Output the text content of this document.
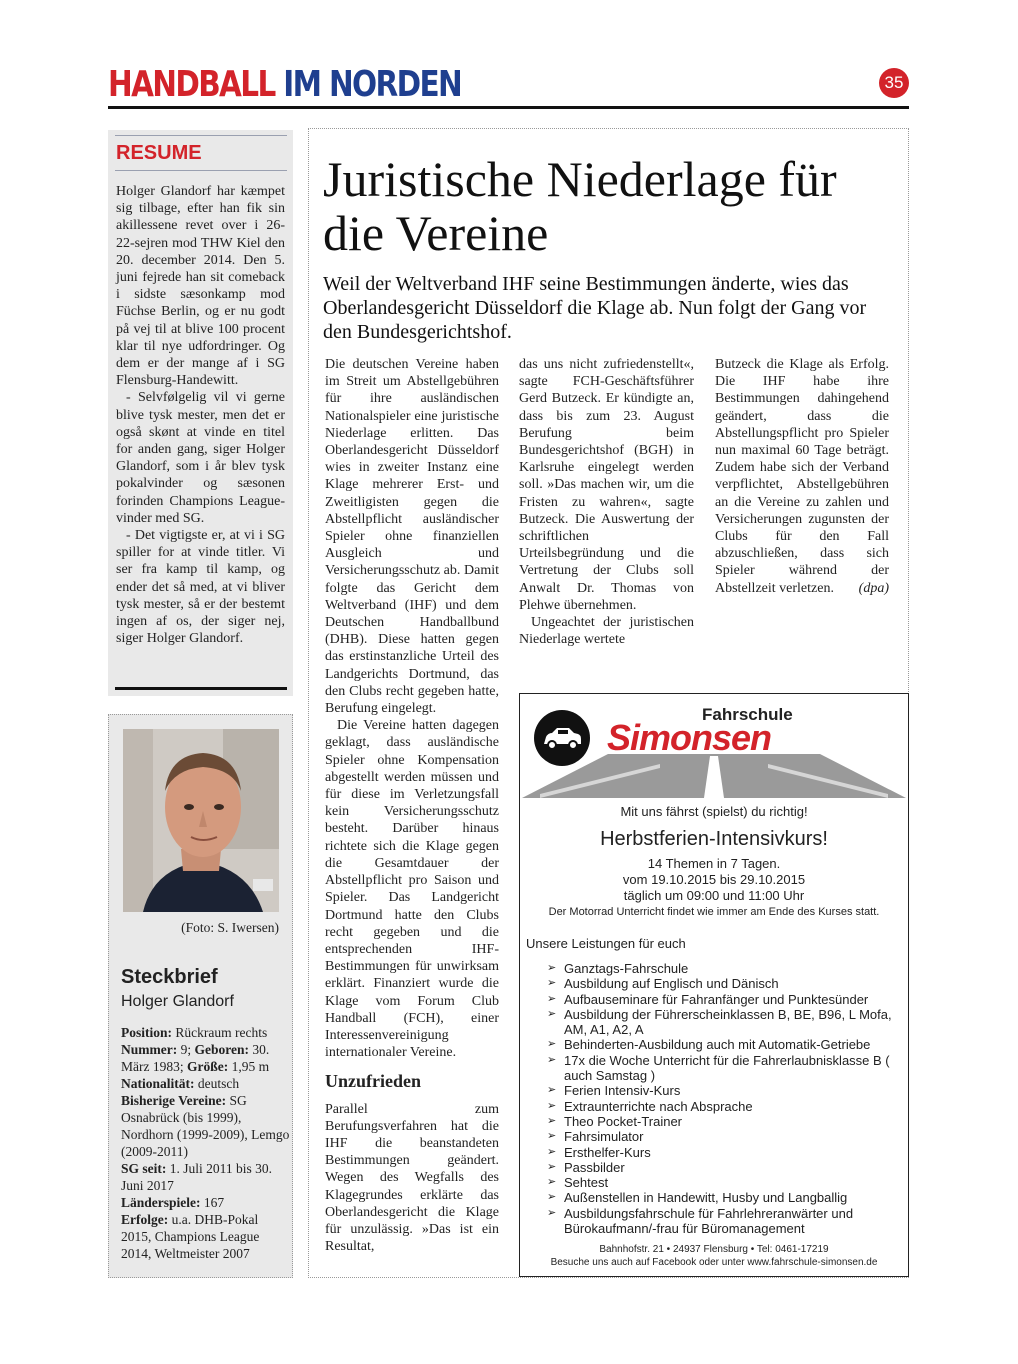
HANDBALL IM NORDEN	35
RESUME

Holger Glandorf har kæmpet sig tilbage, efter han fik sin akillessene revet over i 26-22-sejren mod THW Kiel den 20. december 2014. Den 5. juni fejrede han sit comeback i sidste sæsonkamp mod Füchse Berlin, og er nu godt på vej til at blive 100 procent klar til nye udfordringer. Og dem er der mange af i SG Flensburg-Handewitt.

- Selvfølgelig vil vi gerne blive tysk mester, men det er også skønt at vinde en titel for anden gang, siger Holger Glandorf, som i år blev tysk pokalvinder og sæsonen forinden Champions League-vinder med SG.

- Det vigtigste er, at vi i SG spiller for at vinde titler. Vi ser fra kamp til kamp, og ender det så med, at vi bliver tysk mester, så er der bestemt ingen af os, der siger nej, siger Holger Glandorf.

(Foto: S. Iwersen)
Steckbrief
Holger Glandorf
Position: Rückraum rechts
Nummer: 9; Geboren: 30. März 1983; Größe: 1,95 m
Nationalität: deutsch
Bisherige Vereine: SG Osnabrück (bis 1999), Nordhorn (1999-2009), Lemgo (2009-2011)
SG seit: 1. Juli 2011 bis 30. Juni 2017
Länderspiele: 167
Erfolge: u.a. DHB-Pokal 2015, Champions League 2014, Weltmeister 2007
Juristische Niederlage für die Vereine
Weil der Weltverband IHF seine Bestimmungen änderte, wies das Oberlandesgericht Düsseldorf die Klage ab. Nun folgt der Gang vor den Bundesgerichtshof.

Die deutschen Vereine haben im Streit um Abstellgebühren für ihre ausländischen Nationalspieler eine juristische Niederlage erlitten. Das Oberlandesgericht Düsseldorf wies in zweiter Instanz eine Klage mehrerer Erst- und Zweitligisten gegen die Abstellpflicht ausländischer Spieler ohne finanziellen Ausgleich und Versicherungsschutz ab. Damit folgte das Gericht dem Weltverband (IHF) und dem Deutschen Handballbund (DHB). Diese hatten gegen das erstinstanzliche Urteil des Landgerichts Dortmund, das den Clubs recht gegeben hatte, Berufung eingelegt.

Die Vereine hatten dagegen geklagt, dass ausländische Spieler ohne Kompensation abgestellt werden müssen und für diese im Verletzungsfall kein Versicherungsschutz besteht. Darüber hinaus richtete sich die Klage gegen die Gesamtdauer der Abstellpflicht pro Saison und Spieler. Das Landgericht Dortmund hatte den Clubs recht gegeben und die entsprechenden IHF-Bestimmungen für unwirksam erklärt. Finanziert wurde die Klage vom Forum Club Handball (FCH), einer Interessenvereinigung internationaler Vereine.

Unzufrieden

Parallel zum Berufungsverfahren hat die IHF die beanstandeten Bestimmungen geändert. Wegen des Wegfalls des Klagegrundes erklärte das Oberlandesgericht die Klage für unzulässig. »Das ist ein Resultat,

das uns nicht zufriedenstellt«, sagte FCH-Geschäftsführer Gerd Butzeck. Er kündigte an, dass bis zum 23. August Berufung beim Bundesgerichtshof (BGH) in Karlsruhe eingelegt werden soll. »Das machen wir, um die Fristen zu wahren«, sagte Butzeck. Die Auswertung der schriftlichen Urteilsbegründung und die Vertretung der Clubs soll Anwalt Dr. Thomas von Plehwe übernehmen.

Ungeachtet der juristischen Niederlage wertete

Butzeck die Klage als Erfolg. Die IHF habe ihre Bestimmungen dahingehend geändert, dass die Abstellungspflicht pro Spieler nun maximal 60 Tage beträgt. Zudem habe sich der Verband verpflichtet, Abstellgebühren an die Vereine zu zahlen und Versicherungen zugunsten der Clubs für den Fall abzuschließen, dass sich Spieler während der Abstellzeit verletzen. (dpa)

Fahrschule
Simonsen
Mit uns fährst (spielst) du richtig!
Herbstferien-Intensivkurs!
14 Themen in 7 Tagen.
vom 19.10.2015 bis 29.10.2015
täglich um 09:00 und 11:00 Uhr
Der Motorrad Unterricht findet wie immer am Ende des Kurses statt.
Unsere Leistungen für euch
➢ Ganztags-Fahrschule
➢ Ausbildung auf Englisch und Dänisch
➢ Aufbauseminare für Fahranfänger und Punktesünder
➢ Ausbildung der Führerscheinklassen B, BE, B96, L Mofa, AM, A1, A2, A
➢ Behinderten-Ausbildung auch mit Automatik-Getriebe
➢ 17x die Woche Unterricht für die Fahrerlaubnisklasse B ( auch Samstag )
➢ Ferien Intensiv-Kurs
➢ Extraunterrichte nach Absprache
➢ Theo Pocket-Trainer
➢ Fahrsimulator
➢ Ersthelfer-Kurs
➢ Passbilder
➢ Sehtest
➢ Außenstellen in Handewitt, Husby und Langballig
➢ Ausbildungsfahrschule für Fahrlehreranwärter und Bürokaufmann/-frau für Büromanagement
Bahnhofstr. 21 • 24937 Flensburg • Tel: 0461-17219
Besuche uns auch auf Facebook oder unter www.fahrschule-simonsen.de
